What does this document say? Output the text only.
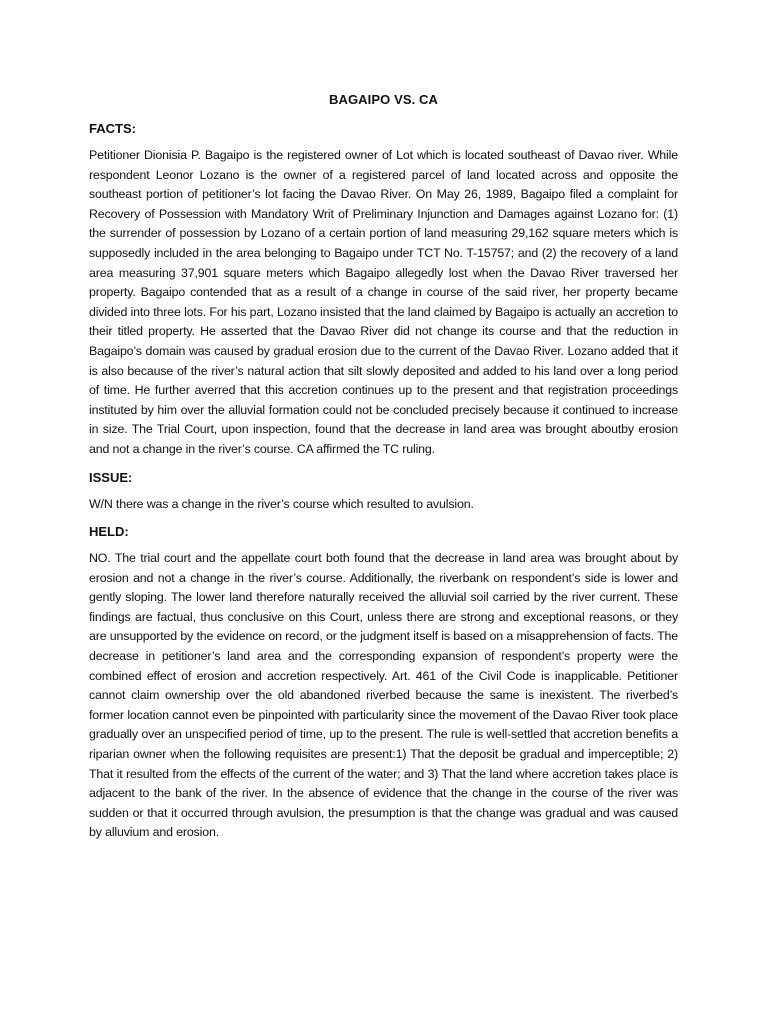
BAGAIPO VS. CA
FACTS:

Petitioner Dionisia P. Bagaipo is the registered owner of Lot which is located southeast of Davao river. While respondent Leonor Lozano is the owner of a registered parcel of land located across and opposite the southeast portion of petitioner’s lot facing the Davao River. On May 26, 1989, Bagaipo filed a complaint for Recovery of Possession with Mandatory Writ of Preliminary Injunction and Damages against Lozano for: (1) the surrender of possession by Lozano of a certain portion of land measuring 29,162 square meters which is supposedly included in the area belonging to Bagaipo under TCT No. T-15757; and (2) the recovery of a land area measuring 37,901 square meters which Bagaipo allegedly lost when the Davao River traversed her property. Bagaipo contended that as a result of a change in course of the said river, her property became divided into three lots. For his part, Lozano insisted that the land claimed by Bagaipo is actually an accretion to their titled property. He asserted that the Davao River did not change its course and that the reduction in Bagaipo’s domain was caused by gradual erosion due to the current of the Davao River. Lozano added that it is also because of the river’s natural action that silt slowly deposited and added to his land over a long period of time. He further averred that this accretion continues up to the present and that registration proceedings instituted by him over the alluvial formation could not be concluded precisely because it continued to increase in size. The Trial Court, upon inspection, found that the decrease in land area was brought aboutby erosion and not a change in the river’s course. CA affirmed the TC ruling.

ISSUE:

W/N there was a change in the river’s course which resulted to avulsion.

HELD:

NO. The trial court and the appellate court both found that the decrease in land area was brought about by erosion and not a change in the river’s course. Additionally, the riverbank on respondent’s side is lower and gently sloping. The lower land therefore naturally received the alluvial soil carried by the river current. These findings are factual, thus conclusive on this Court, unless there are strong and exceptional reasons, or they are unsupported by the evidence on record, or the judgment itself is based on a misapprehension of facts. The decrease in petitioner’s land area and the corresponding expansion of respondent’s property were the combined effect of erosion and accretion respectively. Art. 461 of the Civil Code is inapplicable. Petitioner cannot claim ownership over the old abandoned riverbed because the same is inexistent. The riverbed’s former location cannot even be pinpointed with particularity since the movement of the Davao River took place gradually over an unspecified period of time, up to the present. The rule is well-settled that accretion benefits a riparian owner when the following requisites are present:1) That the deposit be gradual and imperceptible; 2) That it resulted from the effects of the current of the water; and 3) That the land where accretion takes place is adjacent to the bank of the river. In the absence of evidence that the change in the course of the river was sudden or that it occurred through avulsion, the presumption is that the change was gradual and was caused by alluvium and erosion.
